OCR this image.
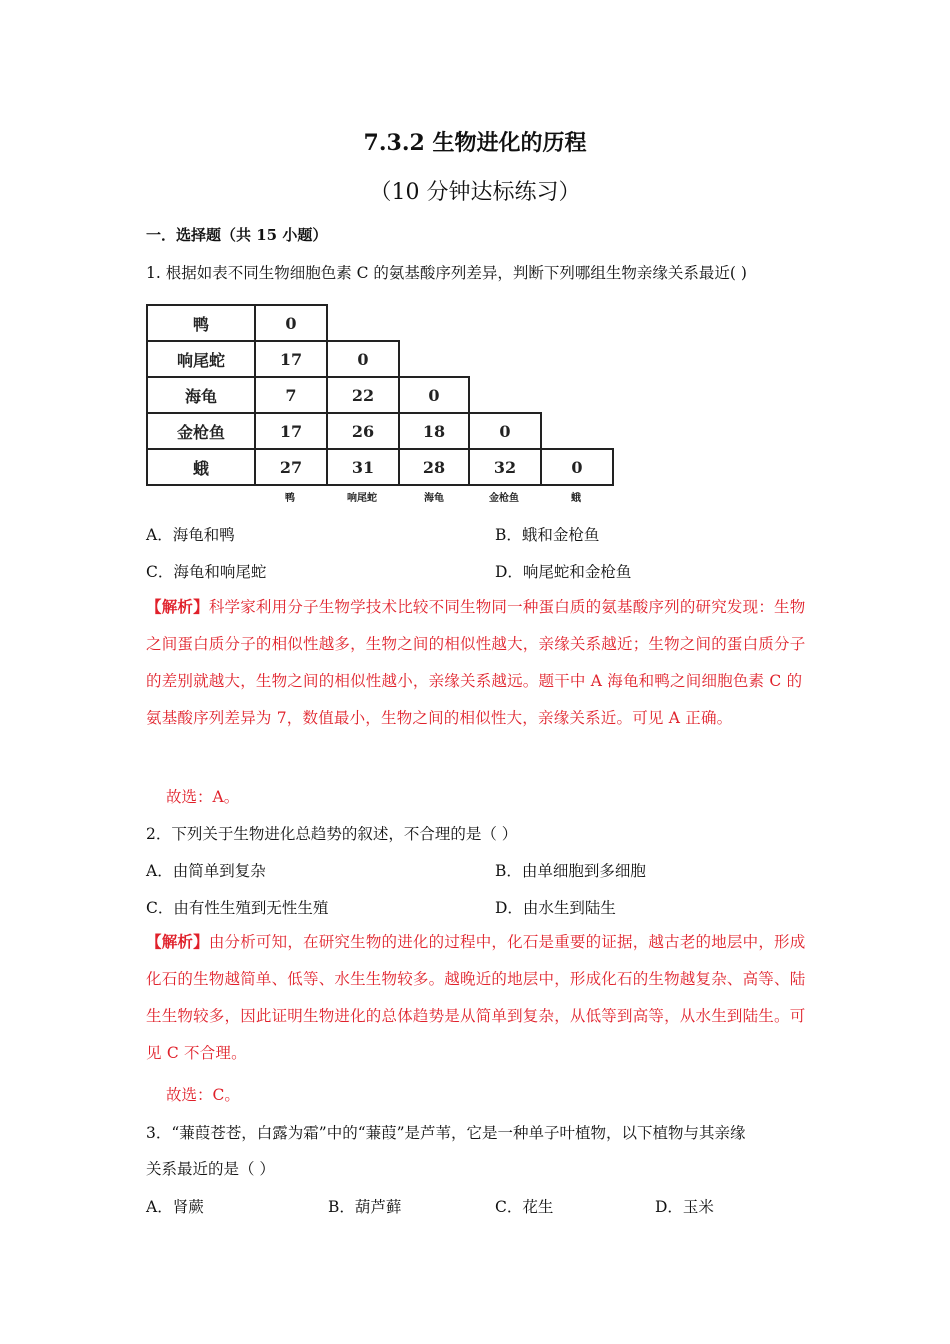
7.3.2 生物进化的历程
（10 分钟达标练习）
一．选择题（共 15 小题）
1. 根据如表不同生物细胞色素 C 的氨基酸序列差异，判断下列哪组生物亲缘关系最近( )
鸭	0
响尾蛇	17	0
海龟	7	22	0
金枪鱼	17	26	18	0
蛾	27	31	28	32	0
鸭	响尾蛇	海龟	金枪鱼	蛾
A．海龟和鸭	B．蛾和金枪鱼
C．海龟和响尾蛇	D．响尾蛇和金枪鱼
【解析】科学家利用分子生物学技术比较不同生物同一种蛋白质的氨基酸序列的研究发现：生物之间蛋白质分子的相似性越多，生物之间的相似性越大，亲缘关系越近；生物之间的蛋白质分子的差别就越大，生物之间的相似性越小，亲缘关系越远。题干中 A 海龟和鸭之间细胞色素 C 的氨基酸序列差异为 7，数值最小，生物之间的相似性大，亲缘关系近。可见 A 正确。
故选：A。
2．下列关于生物进化总趋势的叙述，不合理的是（ ）
A．由简单到复杂	B．由单细胞到多细胞
C．由有性生殖到无性生殖	D．由水生到陆生
【解析】由分析可知，在研究生物的进化的过程中，化石是重要的证据，越古老的地层中，形成化石的生物越简单、低等、水生生物较多。越晚近的地层中，形成化石的生物越复杂、高等、陆生生物较多，因此证明生物进化的总体趋势是从简单到复杂，从低等到高等，从水生到陆生。可见 C 不合理。
故选：C。
3．“蒹葭苍苍，白露为霜”中的“蒹葭”是芦苇，它是一种单子叶植物，以下植物与其亲缘
关系最近的是（ ）
A．肾蕨	B．葫芦藓	C．花生	D．玉米
